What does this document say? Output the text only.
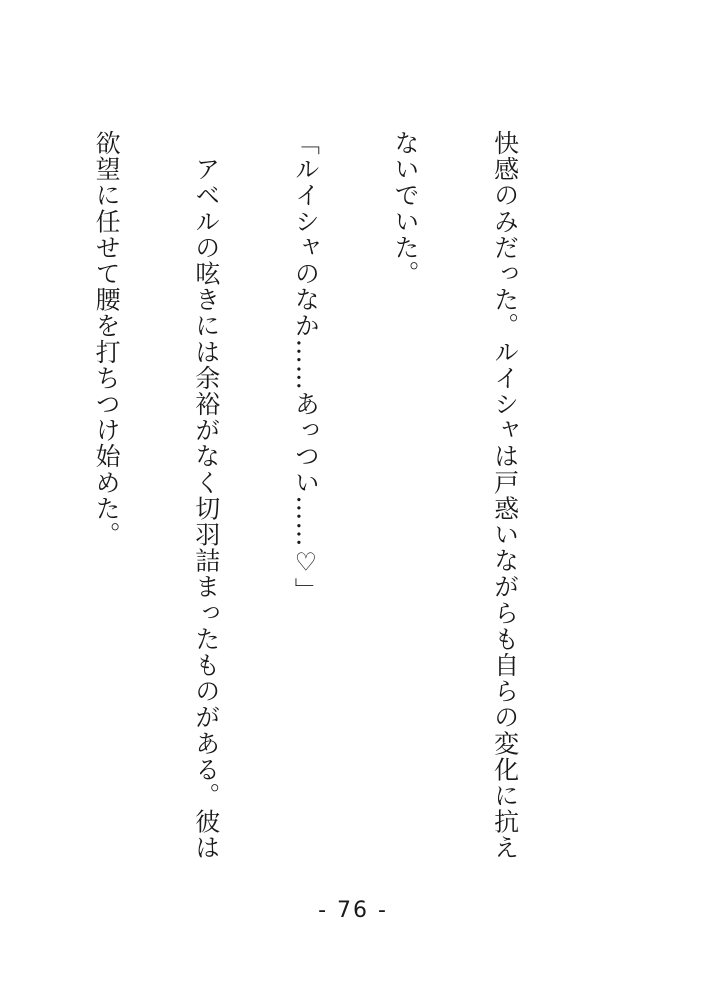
快感のみだった。ルイシャは戸惑いながらも自らの変化に抗え

ないでいた。

「ルイシャのなか……あっつい……♡」

　アベルの呟きには余裕がなく切羽詰まったものがある。彼は

欲望に任せて腰を打ちつけ始めた。

- 76 -
